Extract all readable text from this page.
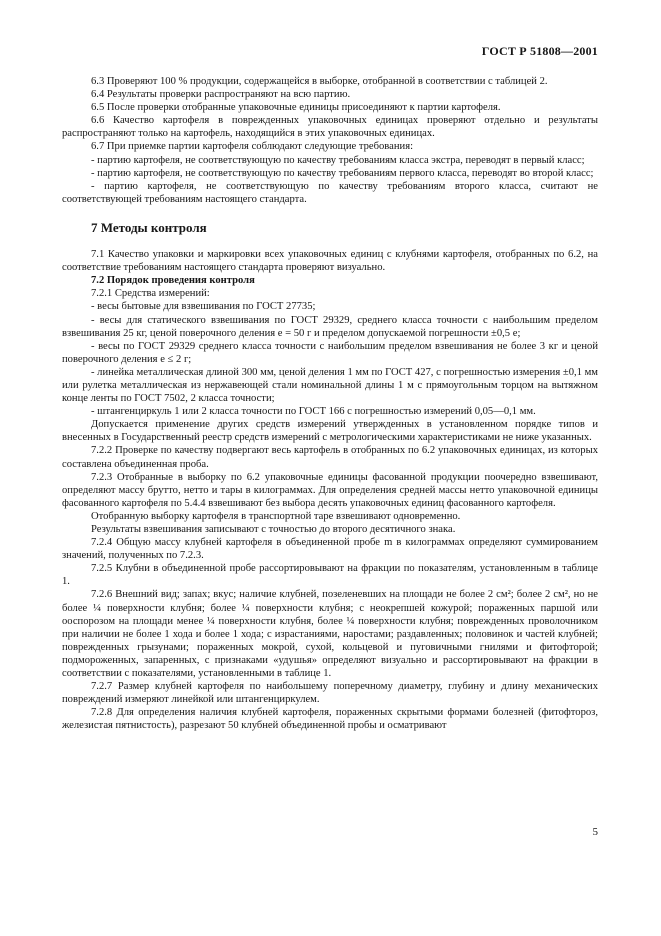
ГОСТ Р 51808—2001

6.3 Проверяют 100 % продукции, содержащейся в выборке, отобранной в соответствии с таблицей 2.

6.4 Результаты проверки распространяют на всю партию.

6.5 После проверки отобранные упаковочные единицы присоединяют к партии картофеля.

6.6 Качество картофеля в поврежденных упаковочных единицах проверяют отдельно и результаты распространяют только на картофель, находящийся в этих упаковочных единицах.

6.7 При приемке партии картофеля соблюдают следующие требования:

- партию картофеля, не соответствующую по качеству требованиям класса экстра, переводят в первый класс;

- партию картофеля, не соответствующую по качеству требованиям первого класса, переводят во второй класс;

- партию картофеля, не соответствующую по качеству требованиям второго класса, считают не соответствующей требованиям настоящего стандарта.

7 Методы контроля

7.1 Качество упаковки и маркировки всех упаковочных единиц с клубнями картофеля, отобранных по 6.2, на соответствие требованиям настоящего стандарта проверяют визуально.

7.2 Порядок проведения контроля

7.2.1 Средства измерений:

- весы бытовые для взвешивания по ГОСТ 27735;

- весы для статического взвешивания по ГОСТ 29329, среднего класса точности с наибольшим пределом взвешивания 25 кг, ценой поверочного деления е = 50 г и пределом допускаемой погрешности ±0,5 е;

- весы по ГОСТ 29329 среднего класса точности с наибольшим пределом взвешивания не более 3 кг и ценой поверочного деления е ≤ 2 г;

- линейка металлическая длиной 300 мм, ценой деления 1 мм по ГОСТ 427, с погрешностью измерения ±0,1 мм или рулетка металлическая из нержавеющей стали номинальной длины 1 м с прямоугольным торцом на вытяжном конце ленты по ГОСТ 7502, 2 класса точности;

- штангенциркуль 1 или 2 класса точности по ГОСТ 166 с погрешностью измерений 0,05—0,1 мм.

Допускается применение других средств измерений утвержденных в установленном порядке типов и внесенных в Государственный реестр средств измерений с метрологическими характеристиками не ниже указанных.

7.2.2 Проверке по качеству подвергают весь картофель в отобранных по 6.2 упаковочных единицах, из которых составлена объединенная проба.

7.2.3 Отобранные в выборку по 6.2 упаковочные единицы фасованной продукции поочередно взвешивают, определяют массу брутто, нетто и тары в килограммах. Для определения средней массы нетто упаковочной единицы фасованного картофеля по 5.4.4 взвешивают без выбора десять упаковочных единиц фасованного картофеля.

Отобранную выборку картофеля в транспортной таре взвешивают одновременно.

Результаты взвешивания записывают с точностью до второго десятичного знака.

7.2.4 Общую массу клубней картофеля в объединенной пробе m в килограммах определяют суммированием значений, полученных по 7.2.3.

7.2.5 Клубни в объединенной пробе рассортировывают на фракции по показателям, установленным в таблице 1.

7.2.6 Внешний вид; запах; вкус; наличие клубней, позеленевших на площади не более 2 см²; более 2 см², но не более ¼ поверхности клубня; более ¼ поверхности клубня; с неокрепшей кожурой; пораженных паршой или ооспорозом на площади менее ¼ поверхности клубня, более ¼ поверхности клубня; поврежденных проволочником при наличии не более 1 хода и более 1 хода; с израстаниями, наростами; раздавленных; половинок и частей клубней; поврежденных грызунами; пораженных мокрой, сухой, кольцевой и пуговичными гнилями и фитофторой; подмороженных, запаренных, с признаками «удушья» определяют визуально и рассортировывают на фракции в соответствии с показателями, установленными в таблице 1.

7.2.7 Размер клубней картофеля по наибольшему поперечному диаметру, глубину и длину механических повреждений измеряют линейкой или штангенциркулем.

7.2.8 Для определения наличия клубней картофеля, пораженных скрытыми формами болезней (фитофтороз, железистая пятнистость), разрезают 50 клубней объединенной пробы и осматривают

5
